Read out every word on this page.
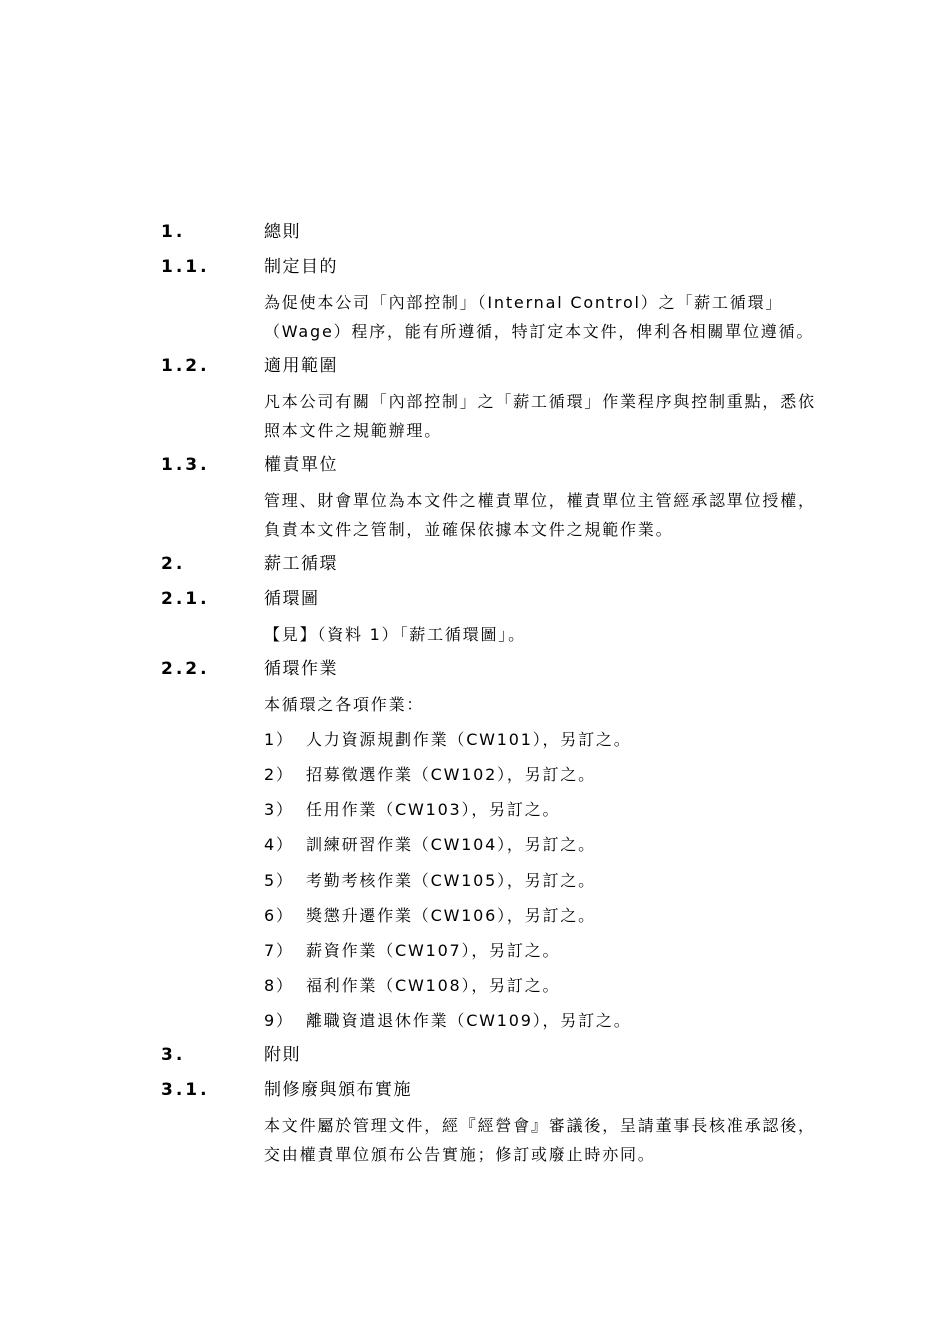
1.	總則
1.1.	制定目的
為促使本公司「內部控制」（Internal Control）之「薪工循環」
（Wage）程序，能有所遵循，特訂定本文件，俾利各相關單位遵循。
1.2.	適用範圍
凡本公司有關「內部控制」之「薪工循環」作業程序與控制重點，悉依
照本文件之規範辦理。
1.3.	權責單位
管理、財會單位為本文件之權責單位，權責單位主管經承認單位授權，
負責本文件之管制，並確保依據本文件之規範作業。
2.	薪工循環
2.1.	循環圖
【見】（資料 1）「薪工循環圖」。
2.2.	循環作業
本循環之各項作業：
1） 人力資源規劃作業（CW101），另訂之。
2） 招募徵選作業（CW102），另訂之。
3） 任用作業（CW103），另訂之。
4） 訓練研習作業（CW104），另訂之。
5） 考勤考核作業（CW105），另訂之。
6） 獎懲升遷作業（CW106），另訂之。
7） 薪資作業（CW107），另訂之。
8） 福利作業（CW108），另訂之。
9） 離職資遣退休作業（CW109），另訂之。
3.	附則
3.1.	制修廢與頒布實施
本文件屬於管理文件，經『經營會』審議後，呈請董事長核准承認後，
交由權責單位頒布公告實施；修訂或廢止時亦同。
